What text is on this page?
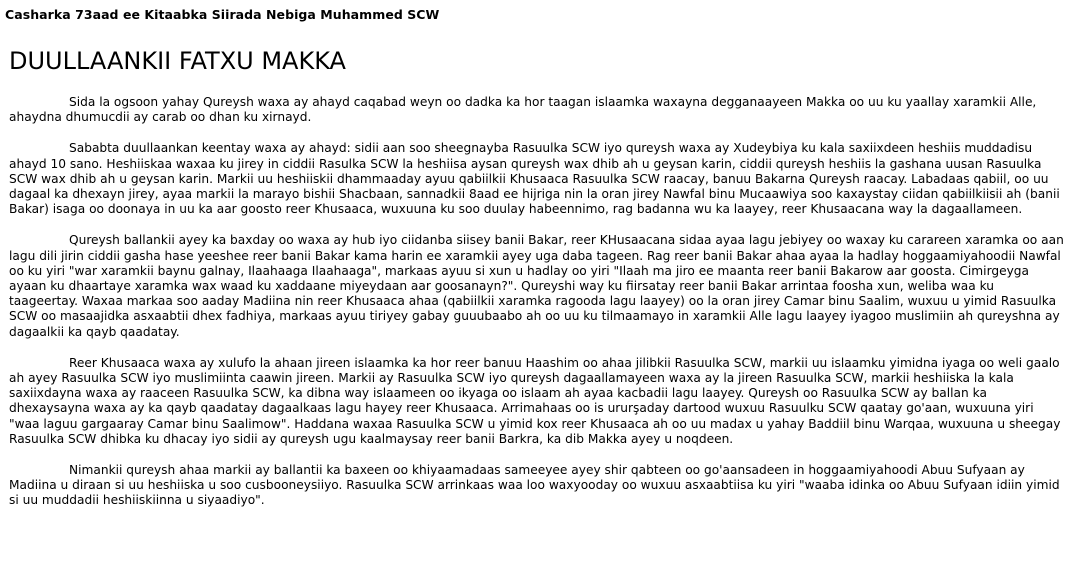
Casharka 73aad ee Kitaabka Siirada Nebiga Muhammed SCW
DUULLAANKII FATXU MAKKA

Sida la ogsoon yahay Qureysh waxa ay ahayd caqabad weyn oo dadka ka hor taagan islaamka waxayna degganaayeen Makka oo uu ku yaallay xaramkii Alle, ahaydna dhumucdii ay carab oo dhan ku xirnayd.

Sababta duullaankan keentay waxa ay ahayd: sidii aan soo sheegnayba Rasuulka SCW iyo qureysh waxa ay Xudeybiya ku kala saxiixdeen heshiis muddadisu ahayd 10 sano. Heshiiskaa waxaa ku jirey in ciddii Rasulka SCW la heshiisa aysan qureysh wax dhib ah u geysan karin, ciddii qureysh heshiis la gashana uusan Rasuulka SCW wax dhib ah u geysan karin. Markii uu heshiiskii dhammaaday ayuu qabiilkii Khusaaca Rasuulka SCW raacay, banuu Bakarna Qureysh raacay. Labadaas qabiil, oo uu dagaal ka dhexayn jirey, ayaa markii la marayo bishii Shacbaan, sannadkii 8aad ee hijriga nin la oran jirey Nawfal binu Mucaawiya soo kaxaystay ciidan qabiilkiisii ah (banii Bakar) isaga oo doonaya in uu ka aar goosto reer Khusaaca, wuxuuna ku soo duulay habeennimo, rag badanna wu ka laayey, reer Khusaacana way la dagaallameen.

Qureysh ballankii ayey ka baxday oo waxa ay hub iyo ciidanba siisey banii Bakar, reer KHusaacana sidaa ayaa lagu jebiyey oo waxay ku carareen xaramka oo aan lagu dili jirin ciddii gasha hase yeeshee reer banii Bakar kama harin ee xaramkii ayey uga daba tageen. Rag reer banii Bakar ahaa ayaa la hadlay hoggaamiyahoodii Nawfal oo ku yiri "war xaramkii baynu galnay, Ilaahaaga Ilaahaaga", markaas ayuu si xun u hadlay oo yiri "Ilaah ma jiro ee maanta reer banii Bakarow aar goosta. Cimirgeyga ayaan ku dhaartaye xaramka wax waad ku xaddaane miyeydaan aar goosanayn?". Qureyshi way ku fiirsatay reer banii Bakar arrintaa foosha xun, weliba waa ku taageertay. Waxaa markaa soo aaday Madiina nin reer Khusaaca ahaa (qabiilkii xaramka ragooda lagu laayey) oo la oran jirey Camar binu Saalim, wuxuu u yimid Rasuulka SCW oo masaajidka asxaabtii dhex fadhiya, markaas ayuu tiriyey gabay guuubaabo ah oo uu ku tilmaamayo in xaramkii Alle lagu laayey iyagoo muslimiin ah qureyshna ay dagaalkii ka qayb qaadatay.

Reer Khusaaca waxa ay xulufo la ahaan jireen islaamka ka hor reer banuu Haashim oo ahaa jilibkii Rasuulka SCW, markii uu islaamku yimidna iyaga oo weli gaalo ah ayey Rasuulka SCW iyo muslimiinta caawin jireen. Markii ay Rasuulka SCW iyo qureysh dagaallamayeen waxa ay la jireen Rasuulka SCW, markii heshiiska la kala saxiixdayna waxa ay raaceen Rasuulka SCW, ka dibna way islaameen oo ikyaga oo islaam ah ayaa kacbadii lagu laayey. Qureysh oo Rasuulka SCW ay ballan ka dhexaysayna waxa ay ka qayb qaadatay dagaalkaas lagu hayey reer Khusaaca. Arrimahaas oo is ururşaday dartood wuxuu Rasuulku SCW qaatay go'aan, wuxuuna yiri "waa laguu gargaaray Camar binu Saalimow". Haddana waxaa Rasuulka SCW u yimid kox reer Khusaaca ah oo uu madax u yahay Baddiil binu Warqaa, wuxuuna u sheegay Rasuulka SCW dhibka ku dhacay iyo sidii ay qureysh ugu kaalmaysay reer banii Barkra, ka dib Makka ayey u noqdeen.

Nimankii qureysh ahaa markii ay ballantii ka baxeen oo khiyaamadaas sameeyee ayey shir qabteen oo go'aansadeen in hoggaamiyahoodi Abuu Sufyaan ay Madiina u diraan si uu heshiiska u soo cusbooneysiiyo. Rasuulka SCW arrinkaas waa loo waxyooday oo wuxuu asxaabtiisa ku yiri "waaba idinka oo Abuu Sufyaan idiin yimid si uu muddadii heshiiskiinna u siyaadiyo".
